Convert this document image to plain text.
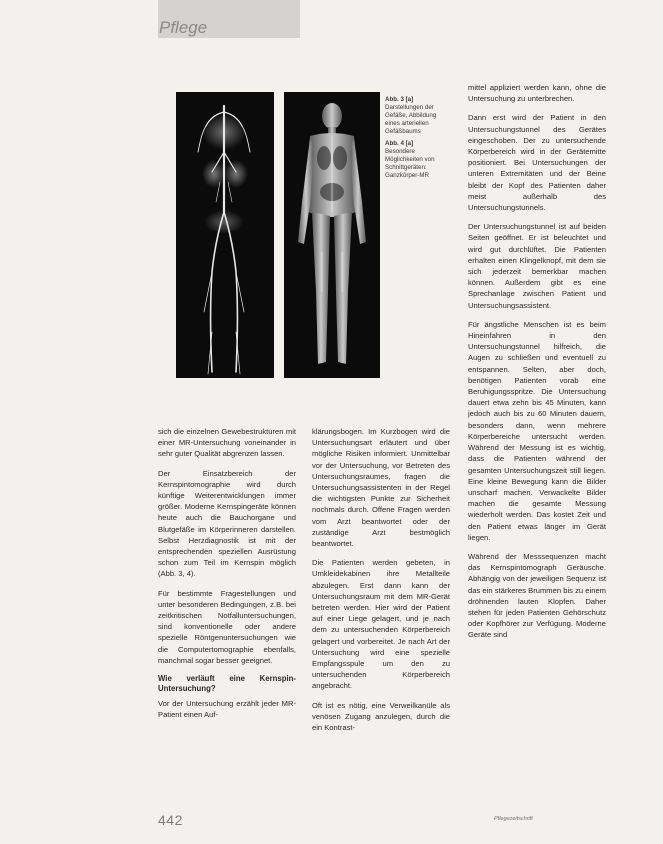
Pflege
Abb. 3 [a]
Darstellungen der Gefäße, Abbildung eines arteriellen Gefäßbaums
Abb. 4 [a]
Besondere Möglichkeiten von Schnittgeräten: Ganzkörper-MR

sich die einzelnen Gewebestrukturen mit einer MR-Untersuchung voneinander in sehr guter Qualität abgrenzen lassen.

Der Einsatzbereich der Kernspintomographie wird durch künftige Weiterentwicklungen immer größer. Moderne Kernspingeräte können heute auch die Bauchorgane und Blutgefäße im Körperinneren darstellen. Selbst Herzdiagnostik ist mit der entsprechenden speziellen Ausrüstung schon zum Teil im Kernspin möglich (Abb. 3, 4).

Für bestimmte Fragestellungen und unter besonderen Bedingungen, z.B. bei zeitkritischen Notfalluntersuchungen, sind konventionelle oder andere spezielle Röntgenuntersuchungen wie die Computertomographie ebenfalls, manchmal sogar besser geeignet.

Wie verläuft eine Kernspin-Untersuchung?

Vor der Untersuchung erzählt jeder MR-Patient einen Auf-

klärungsbogen. Im Kurzbogen wird die Untersuchungsart erläutert und über mögliche Risiken informiert. Unmittelbar vor der Untersuchung, vor Betreten des Untersuchungsraumes, fragen die Untersuchungsassistenten in der Regel die wichtigsten Punkte zur Sicherheit nochmals durch. Offene Fragen werden vom Arzt beantwortet oder der zuständige Arzt bestmöglich beantwortet.

Die Patienten werden gebeten, in Umkleidekabinen ihre Metallteile abzulegen. Erst dann kann der Untersuchungsraum mit dem MR-Gerät betreten werden. Hier wird der Patient auf einer Liege gelagert, und je nach dem zu untersuchenden Körperbereich gelagert und vorbereitet. Je nach Art der Untersuchung wird eine spezielle Empfangsspule um den zu untersuchenden Körperbereich angebracht.

Oft ist es nötig, eine Verweilkanüle als venösen Zugang anzulegen, durch die ein Kontrast-

mittel appliziert werden kann, ohne die Untersuchung zu unterbrechen.

Dann erst wird der Patient in den Untersuchungstunnel des Gerätes eingeschoben. Der zu untersuchende Körperbereich wird in der Gerätemitte positioniert. Bei Untersuchungen der unteren Extremitäten und der Beine bleibt der Kopf des Patienten daher meist außerhalb des Untersuchungstunnels.

Der Untersuchungstunnel ist auf beiden Seiten geöffnet. Er ist beleuchtet und wird gut durchlüftet. Die Patienten erhalten einen Klingelknopf, mit dem sie sich jederzeit bemerkbar machen können. Außerdem gibt es eine Sprechanlage zwischen Patient und Untersuchungsassistent.

Für ängstliche Menschen ist es beim Hineinfahren in den Untersuchungstunnel hilfreich, die Augen zu schließen und eventuell zu entspannen. Selten, aber doch, benötigen Patienten vorab eine Beruhigungsspritze. Die Untersuchung dauert etwa zehn bis 45 Minuten, kann jedoch auch bis zu 60 Minuten dauern, besonders dann, wenn mehrere Körperbereiche untersucht werden. Während der Messung ist es wichtig, dass die Patienten während der gesamten Untersuchungszeit still liegen. Eine kleine Bewegung kann die Bilder unscharf machen. Verwackelte Bilder machen die gesamte Messung wiederholt werden. Das kostet Zeit und den Patient etwas länger im Gerät liegen.

Während der Messsequenzen macht das Kernspintomograph Geräusche. Abhängig von der jeweiligen Sequenz ist das ein stärkeres Brummen bis zu einem dröhnenden lauten Klopfen. Daher stehen für jeden Patienten Gehörschutz oder Kopfhörer zur Verfügung. Moderne Geräte sind

442	Pflegezeitschrift
